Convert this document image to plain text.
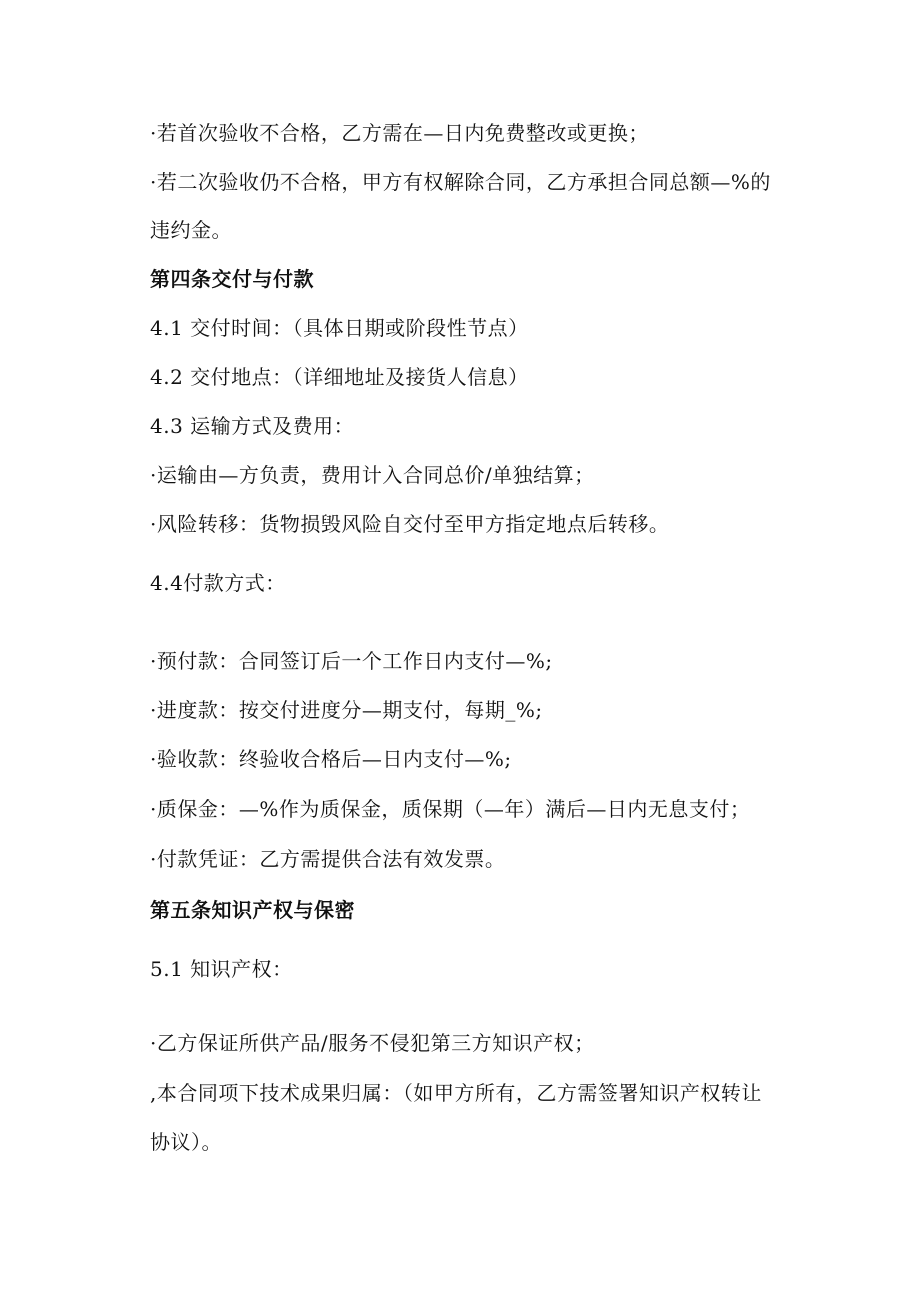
·若首次验收不合格，乙方需在—日内免费整改或更换；
·若二次验收仍不合格，甲方有权解除合同，乙方承担合同总额—%的
违约金。
第四条交付与付款
4.1 交付时间：（具体日期或阶段性节点）
4.2 交付地点：（详细地址及接货人信息）
4.3 运输方式及费用：
·运输由—方负责，费用计入合同总价/单独结算；
·风险转移：货物损毁风险自交付至甲方指定地点后转移。
4.4付款方式：
·预付款：合同签订后一个工作日内支付—%;
·进度款：按交付进度分—期支付，每期_%;
·验收款：终验收合格后—日内支付—%;
·质保金：—%作为质保金，质保期（—年）满后—日内无息支付；
·付款凭证：乙方需提供合法有效发票。
第五条知识产权与保密
5.1 知识产权：
·乙方保证所供产品/服务不侵犯第三方知识产权；
,本合同项下技术成果归属：（如甲方所有，乙方需签署知识产权转让
协议）。
